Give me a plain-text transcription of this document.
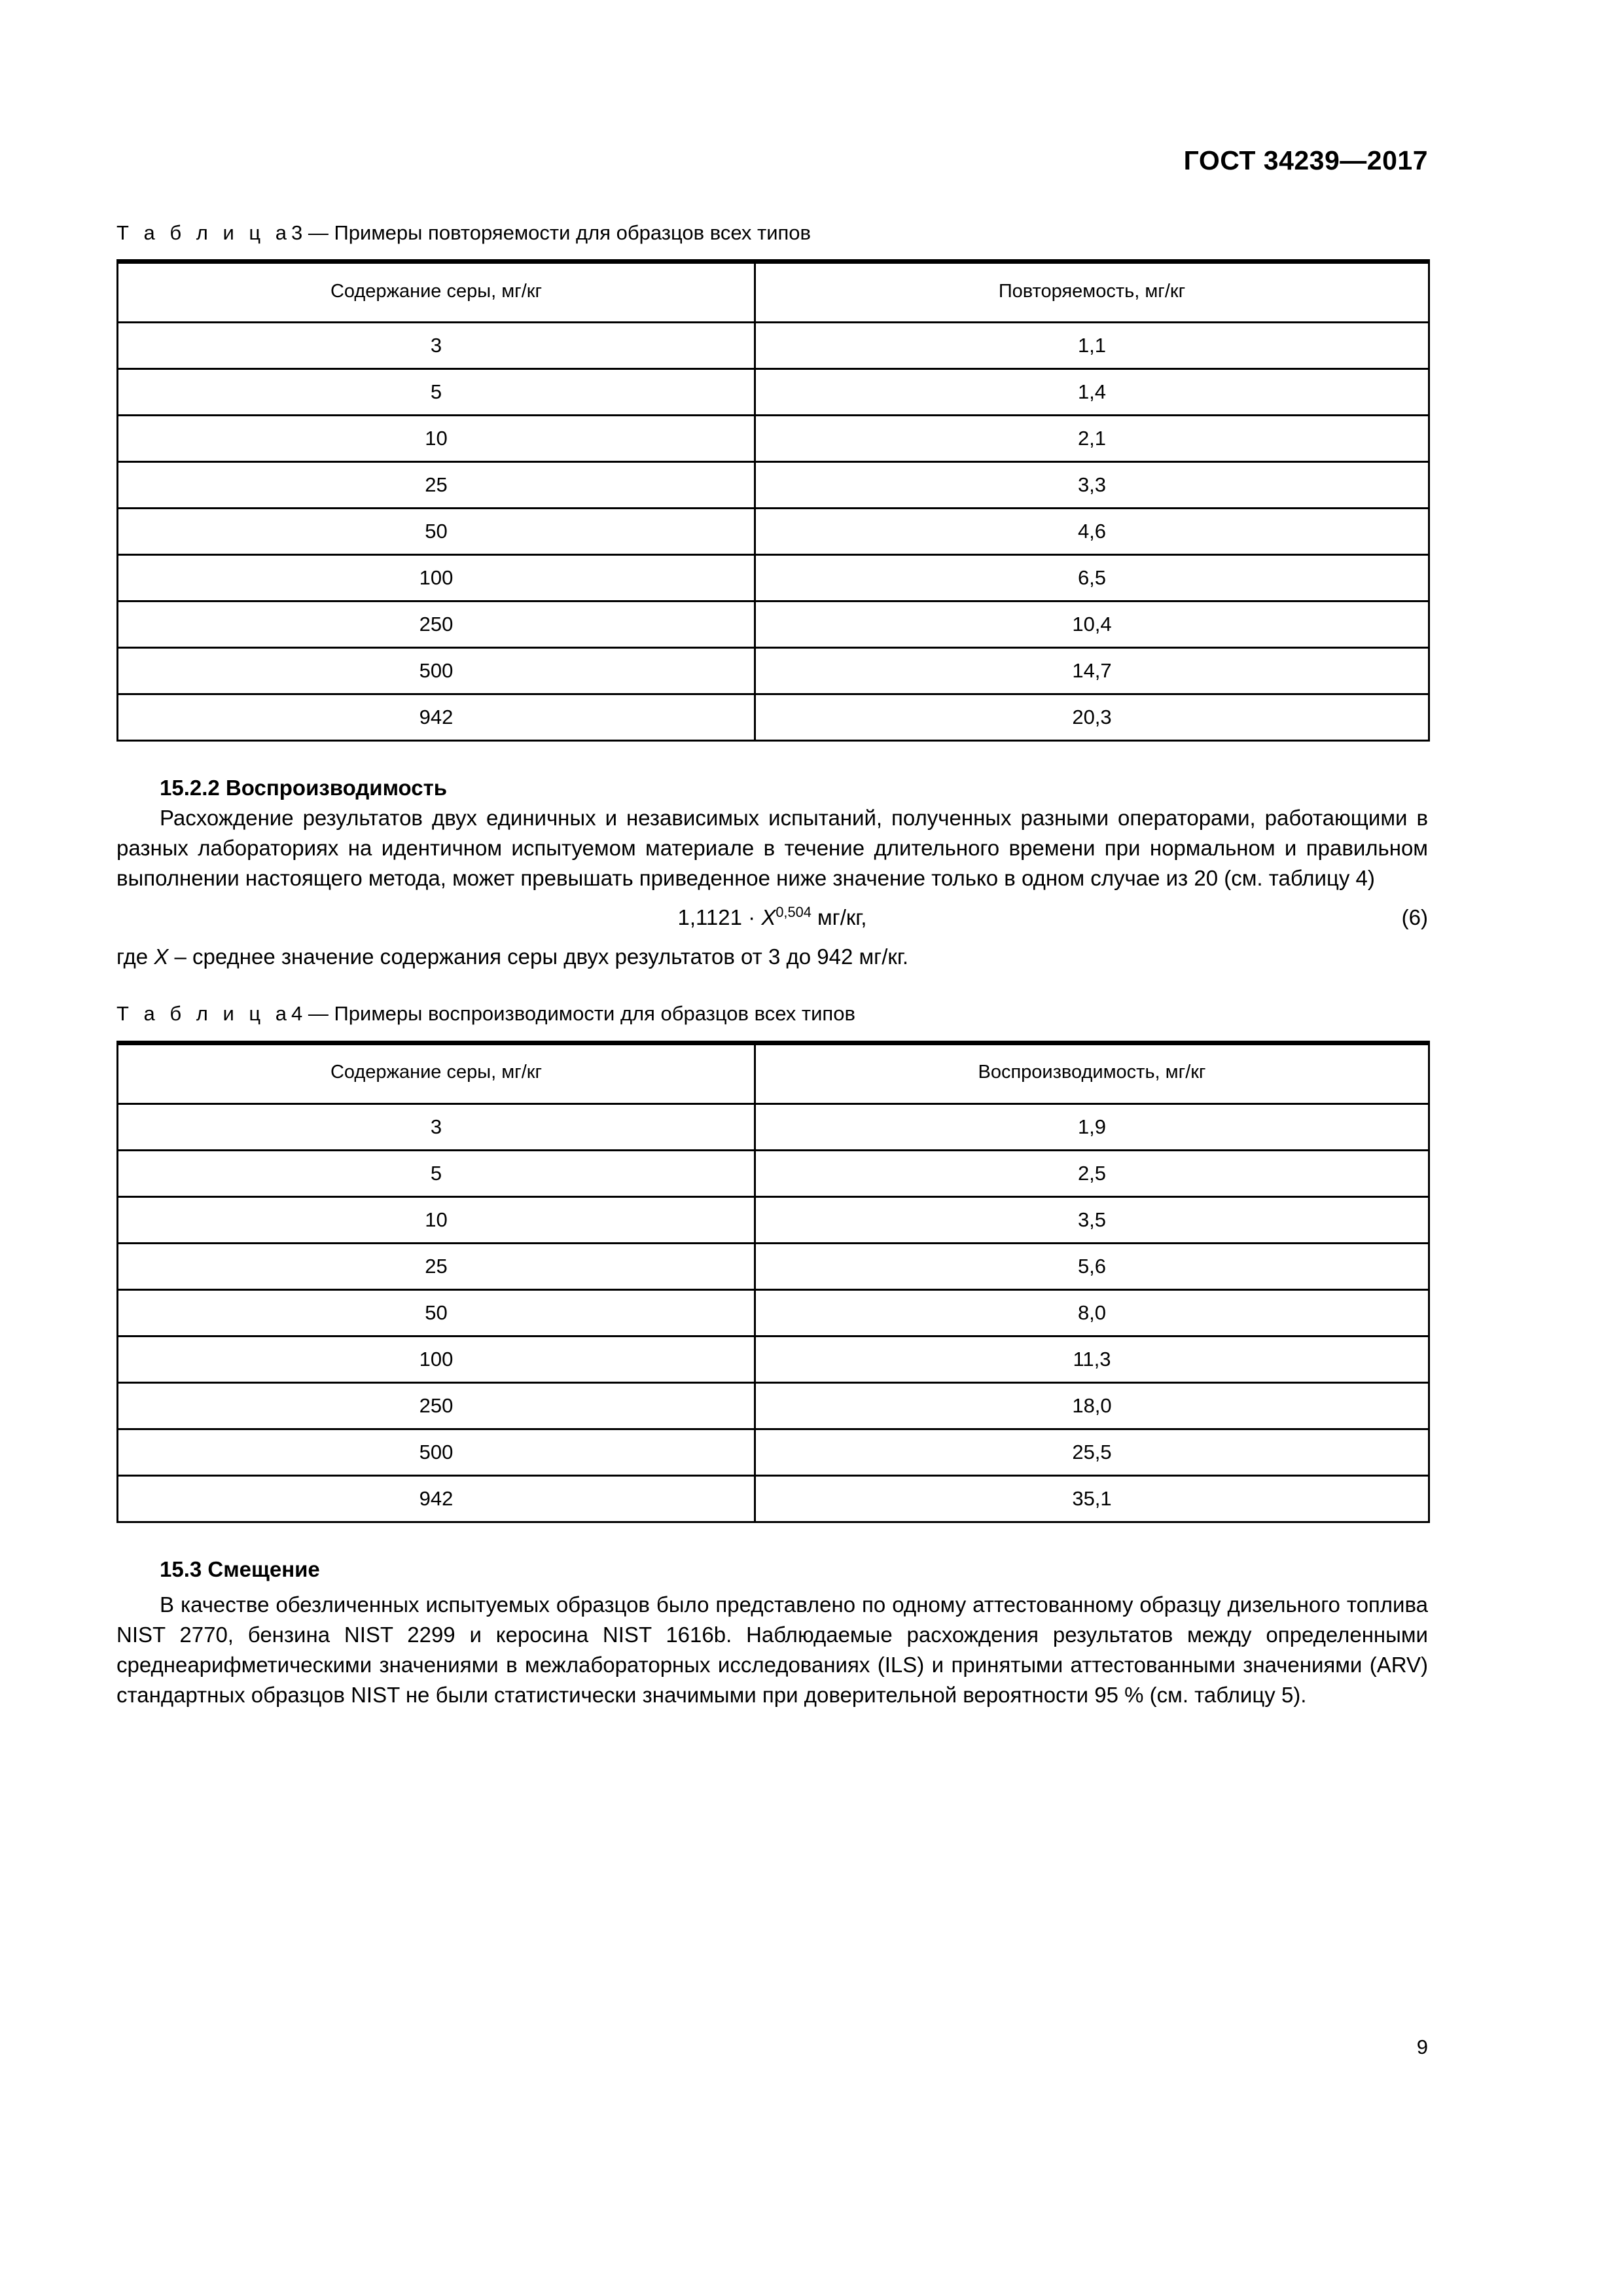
ГОСТ 34239—2017
Т а б л и ц а3 — Примеры повторяемости для образцов всех типов
Содержание серы, мг/кг	Повторяемость, мг/кг
3	1,1
5	1,4
10	2,1
25	3,3
50	4,6
100	6,5
250	10,4
500	14,7
942	20,3
15.2.2 Воспроизводимость

Расхождение результатов двух единичных и независимых испытаний, полученных разными операторами, работающими в разных лабораториях на идентичном испытуемом материале в течение длительного времени при нормальном и правильном выполнении настоящего метода, может превышать приведенное ниже значение только в одном случае из 20 (см. таблицу 4)

1,1121 · X$^{0,504}$ мг/кг,	(6)

где X – среднее значение содержания серы двух результатов от 3 до 942 мг/кг.

Т а б л и ц а4 — Примеры воспроизводимости для образцов всех типов
Содержание серы, мг/кг	Воспроизводимость, мг/кг
3	1,9
5	2,5
10	3,5
25	5,6
50	8,0
100	11,3
250	18,0
500	25,5
942	35,1
15.3 Смещение

В качестве обезличенных испытуемых образцов было представлено по одному аттестованному образцу дизельного топлива NIST 2770, бензина NIST 2299 и керосина NIST 1616b. Наблюдаемые расхождения результатов между определенными среднеарифметическими значениями в межлабораторных исследованиях (ILS) и принятыми аттестованными значениями (ARV) стандартных образцов NIST не были статистически значимыми при доверительной вероятности 95 % (см. таблицу 5).

9
